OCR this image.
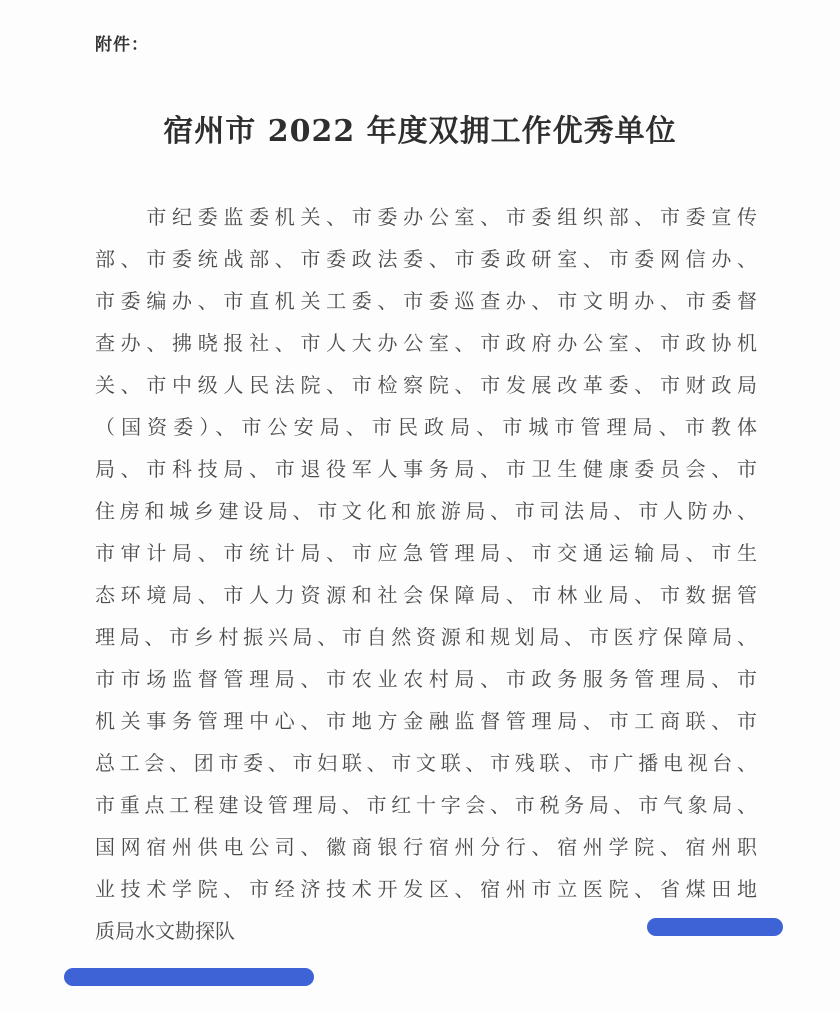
附件：
宿州市 2022 年度双拥工作优秀单位
　　市纪委监委机关、市委办公室、市委组织部、市委宣传
部、市委统战部、市委政法委、市委政研室、市委网信办、
市委编办、市直机关工委、市委巡查办、市文明办、市委督
查办、拂晓报社、市人大办公室、市政府办公室、市政协机
关、市中级人民法院、市检察院、市发展改革委、市财政局
（国资委）、市公安局、市民政局、市城市管理局、市教体
局、市科技局、市退役军人事务局、市卫生健康委员会、市
住房和城乡建设局、市文化和旅游局、市司法局、市人防办、
市审计局、市统计局、市应急管理局、市交通运输局、市生
态环境局、市人力资源和社会保障局、市林业局、市数据管
理局、市乡村振兴局、市自然资源和规划局、市医疗保障局、
市市场监督管理局、市农业农村局、市政务服务管理局、市
机关事务管理中心、市地方金融监督管理局、市工商联、市
总工会、团市委、市妇联、市文联、市残联、市广播电视台、
市重点工程建设管理局、市红十字会、市税务局、市气象局、
国网宿州供电公司、徽商银行宿州分行、宿州学院、宿州职
业技术学院、市经济技术开发区、宿州市立医院、省煤田地
质局水文勘探队
